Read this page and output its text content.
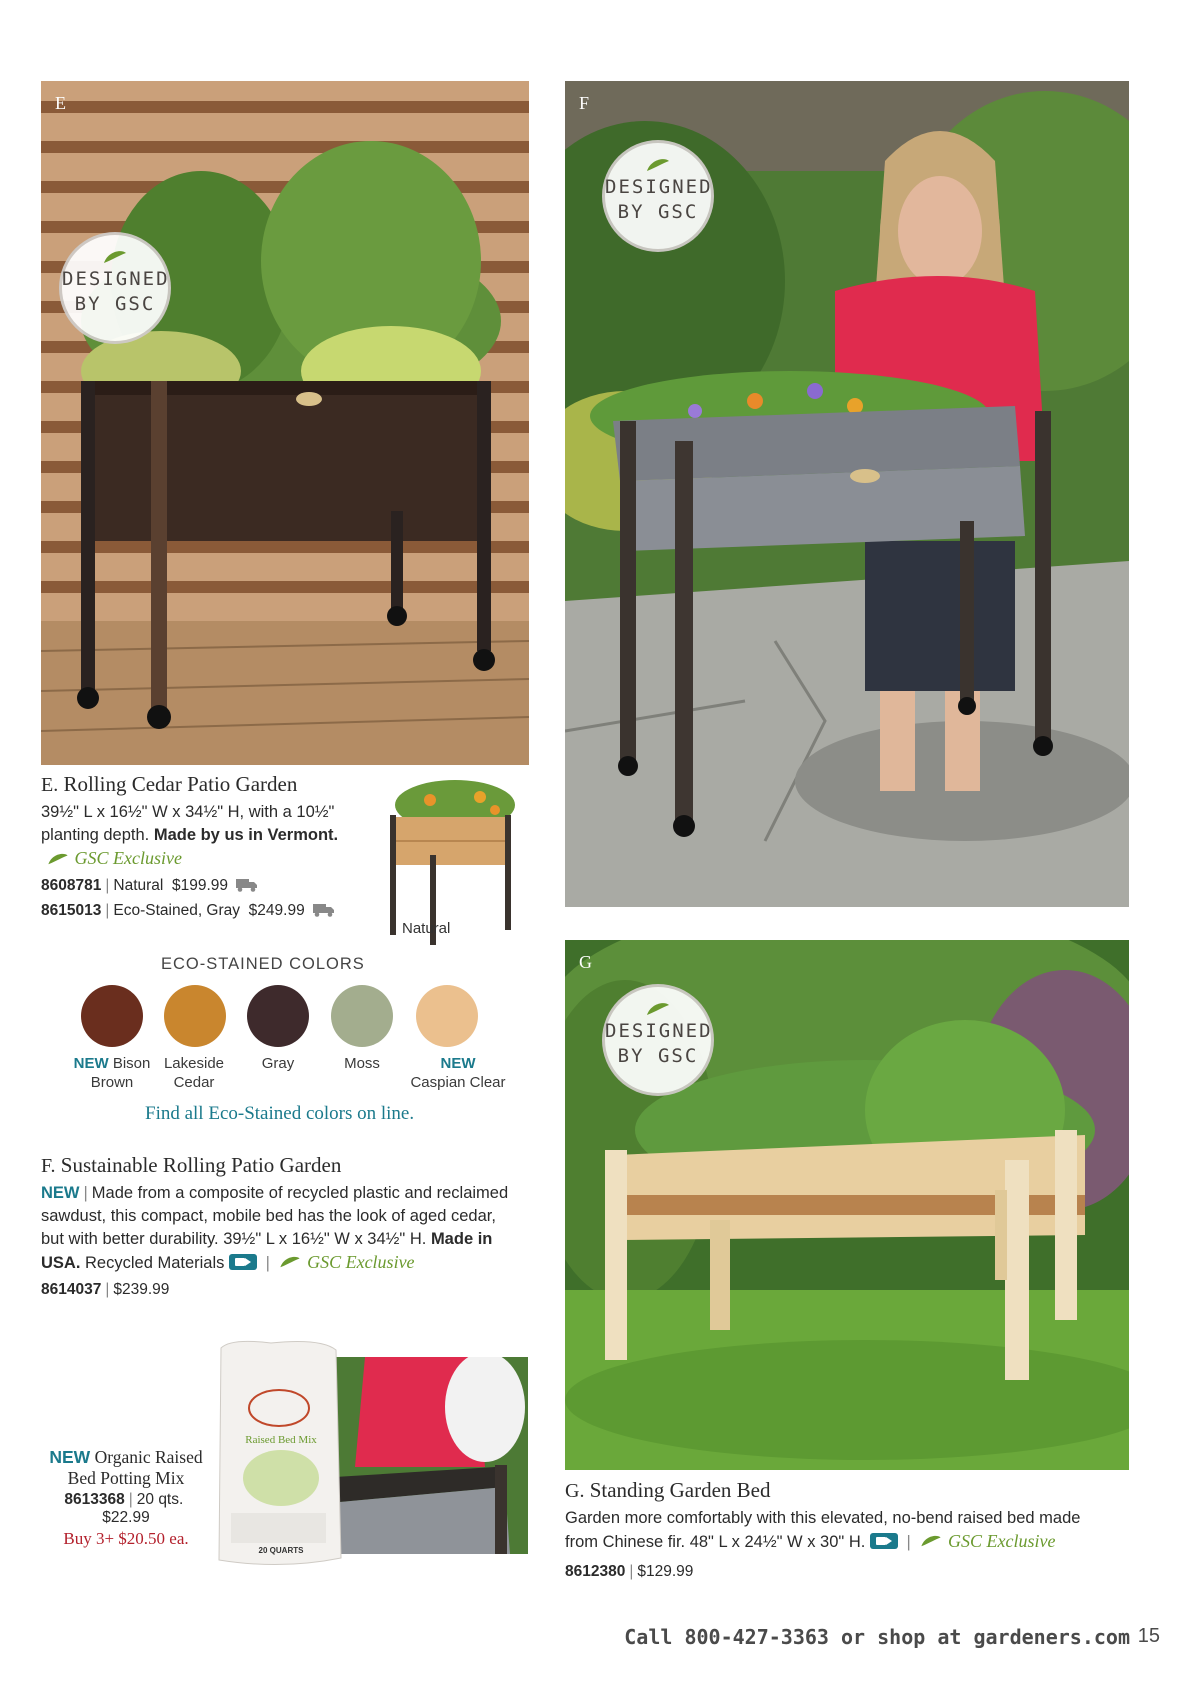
E
DESIGNED
BY GSC
F
DESIGNED
BY GSC
G
DESIGNED
BY GSC
E. Rolling Cedar Patio Garden
39½" L x 16½" W x 34½" H, with a 10½"
planting depth. Made by us in Vermont.
GSC Exclusive
8608781 | Natural $199.99
8615013 | Eco-Stained, Gray $249.99
Natural
ECO-STAINED COLORS
NEW Bison
Brown
Lakeside
Cedar
Gray	Moss	NEW
Caspian Clear
Find all Eco-Stained colors on line.
F. Sustainable Rolling Patio Garden
NEW | Made from a composite of recycled plastic and reclaimed
sawdust, this compact, mobile bed has the look of aged cedar,
but with better durability. 39½" L x 16½" W x 34½" H. Made in
USA. Recycled Materials | GSC Exclusive
8614037 | $239.99
Raised Bed Mix
20 QUARTS
NEW Organic Raised
Bed Potting Mix
8613368 | 20 qts.  $22.99
Buy 3+ $20.50 ea.
G. Standing Garden Bed
Garden more comfortably with this elevated, no-bend raised bed made
from Chinese fir. 48" L x 24½" W x 30" H. | GSC Exclusive
8612380 | $129.99
Call 800-427-3363 or shop at gardeners.com 15
